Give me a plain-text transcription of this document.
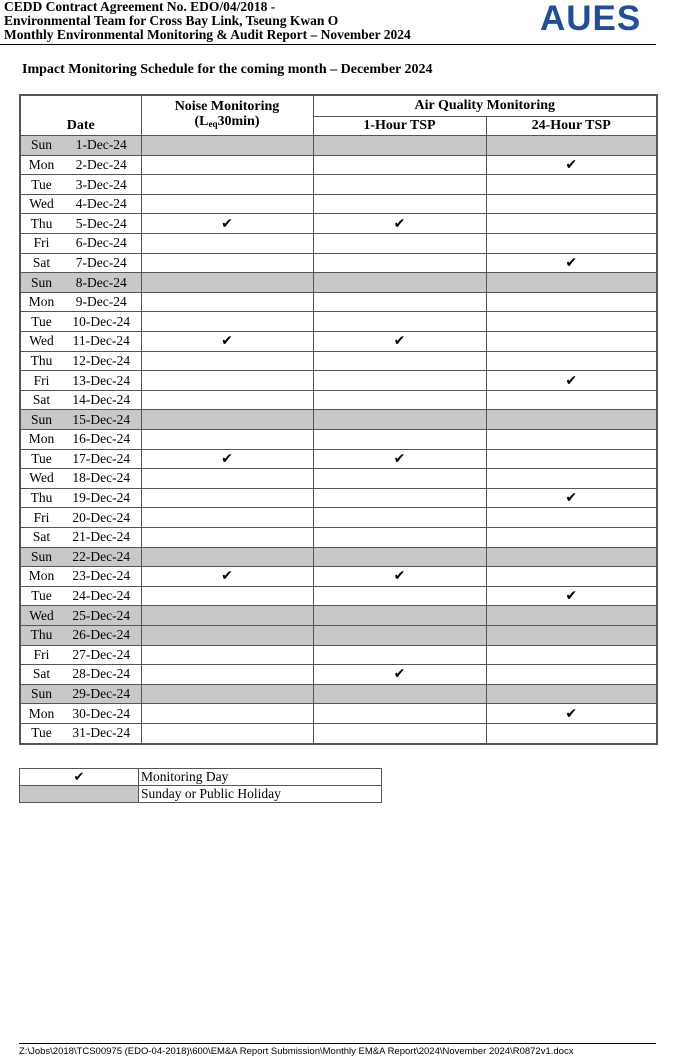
CEDD Contract Agreement No. EDO/04/2018 -
Environmental Team for Cross Bay Link, Tseung Kwan O
Monthly Environmental Monitoring & Audit Report – November 2024	AUES
Impact Monitoring Schedule for the coming month – December 2024
Date		Noise Monitoring
$(L_{eq}30\min)$	Air Quality Monitoring	
			1-Hour TSP	24-Hour TSP
Sun	1-Dec-24			
Mon	2-Dec-24			✔
Tue	3-Dec-24			
Wed	4-Dec-24			
Thu	5-Dec-24	✔	✔	
Fri	6-Dec-24			
Sat	7-Dec-24			✔
Sun	8-Dec-24			
Mon	9-Dec-24			
Tue	10-Dec-24			
Wed	11-Dec-24	✔	✔	
Thu	12-Dec-24			
Fri	13-Dec-24			✔
Sat	14-Dec-24			
Sun	15-Dec-24			
Mon	16-Dec-24			
Tue	17-Dec-24	✔	✔	
Wed	18-Dec-24			
Thu	19-Dec-24			✔
Fri	20-Dec-24			
Sat	21-Dec-24			
Sun	22-Dec-24			
Mon	23-Dec-24	✔	✔	
Tue	24-Dec-24			✔
Wed	25-Dec-24			
Thu	26-Dec-24			
Fri	27-Dec-24			
Sat	28-Dec-24		✔	
Sun	29-Dec-24			
Mon	30-Dec-24			✔
Tue	31-Dec-24			
✔	Monitoring Day
	Sunday or Public Holiday
Z:\Jobs\2018\TCS00975 (EDO-04-2018)\600\EM&A Report Submission\Monthly EM&A Report\2024\November 2024\R0872v1.docx
